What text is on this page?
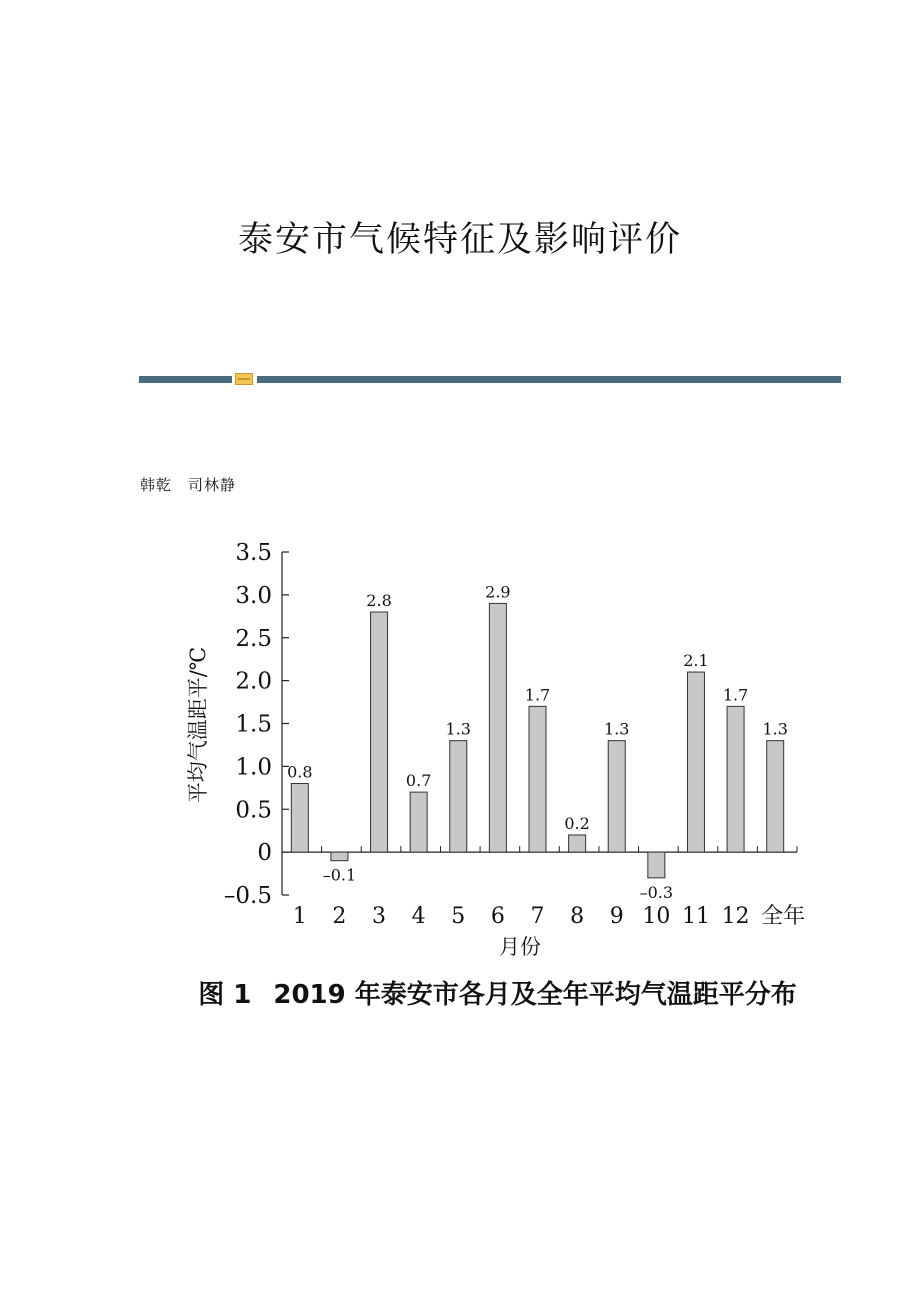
泰安市气候特征及影响评价
韩乾　司林静
平均气温距平/℃
–0.5
0
0.5
1.0
1.5
2.0
2.5
3.0
3.5
0.8
1
–0.1
2
2.8
3
0.7
4
1.3
5
2.9
6
1.7
7
0.2
8
1.3
9
–0.3
10
2.1
11
1.7
12
1.3
全年
月份
图 1 2019 年泰安市各月及全年平均气温距平分布
